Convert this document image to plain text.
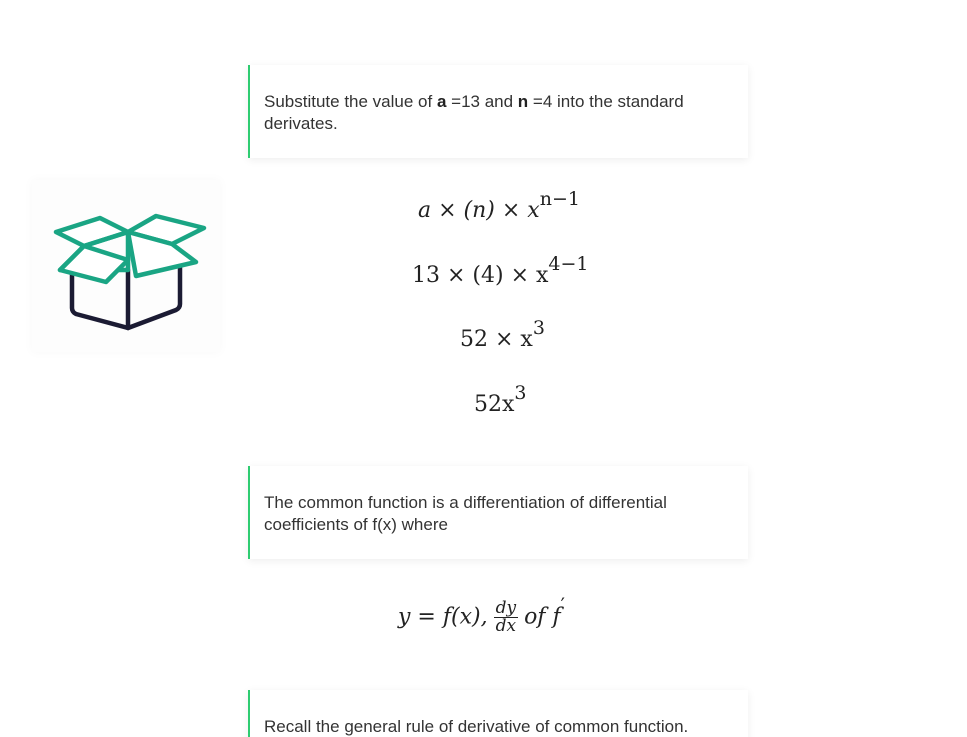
Substitute the value of a =13 and n =4 into the standard derivates.
$a \times (n) \times x^{n-1}$
$13 \times (4) \times x^{4-1}$
$52 \times x^3$
$52x^3$
The common function is a differentiation of differential coefficients of f(x) where
y = f(x), $\frac{dy}{dx}$ of f′
Recall the general rule of derivative of common function.
